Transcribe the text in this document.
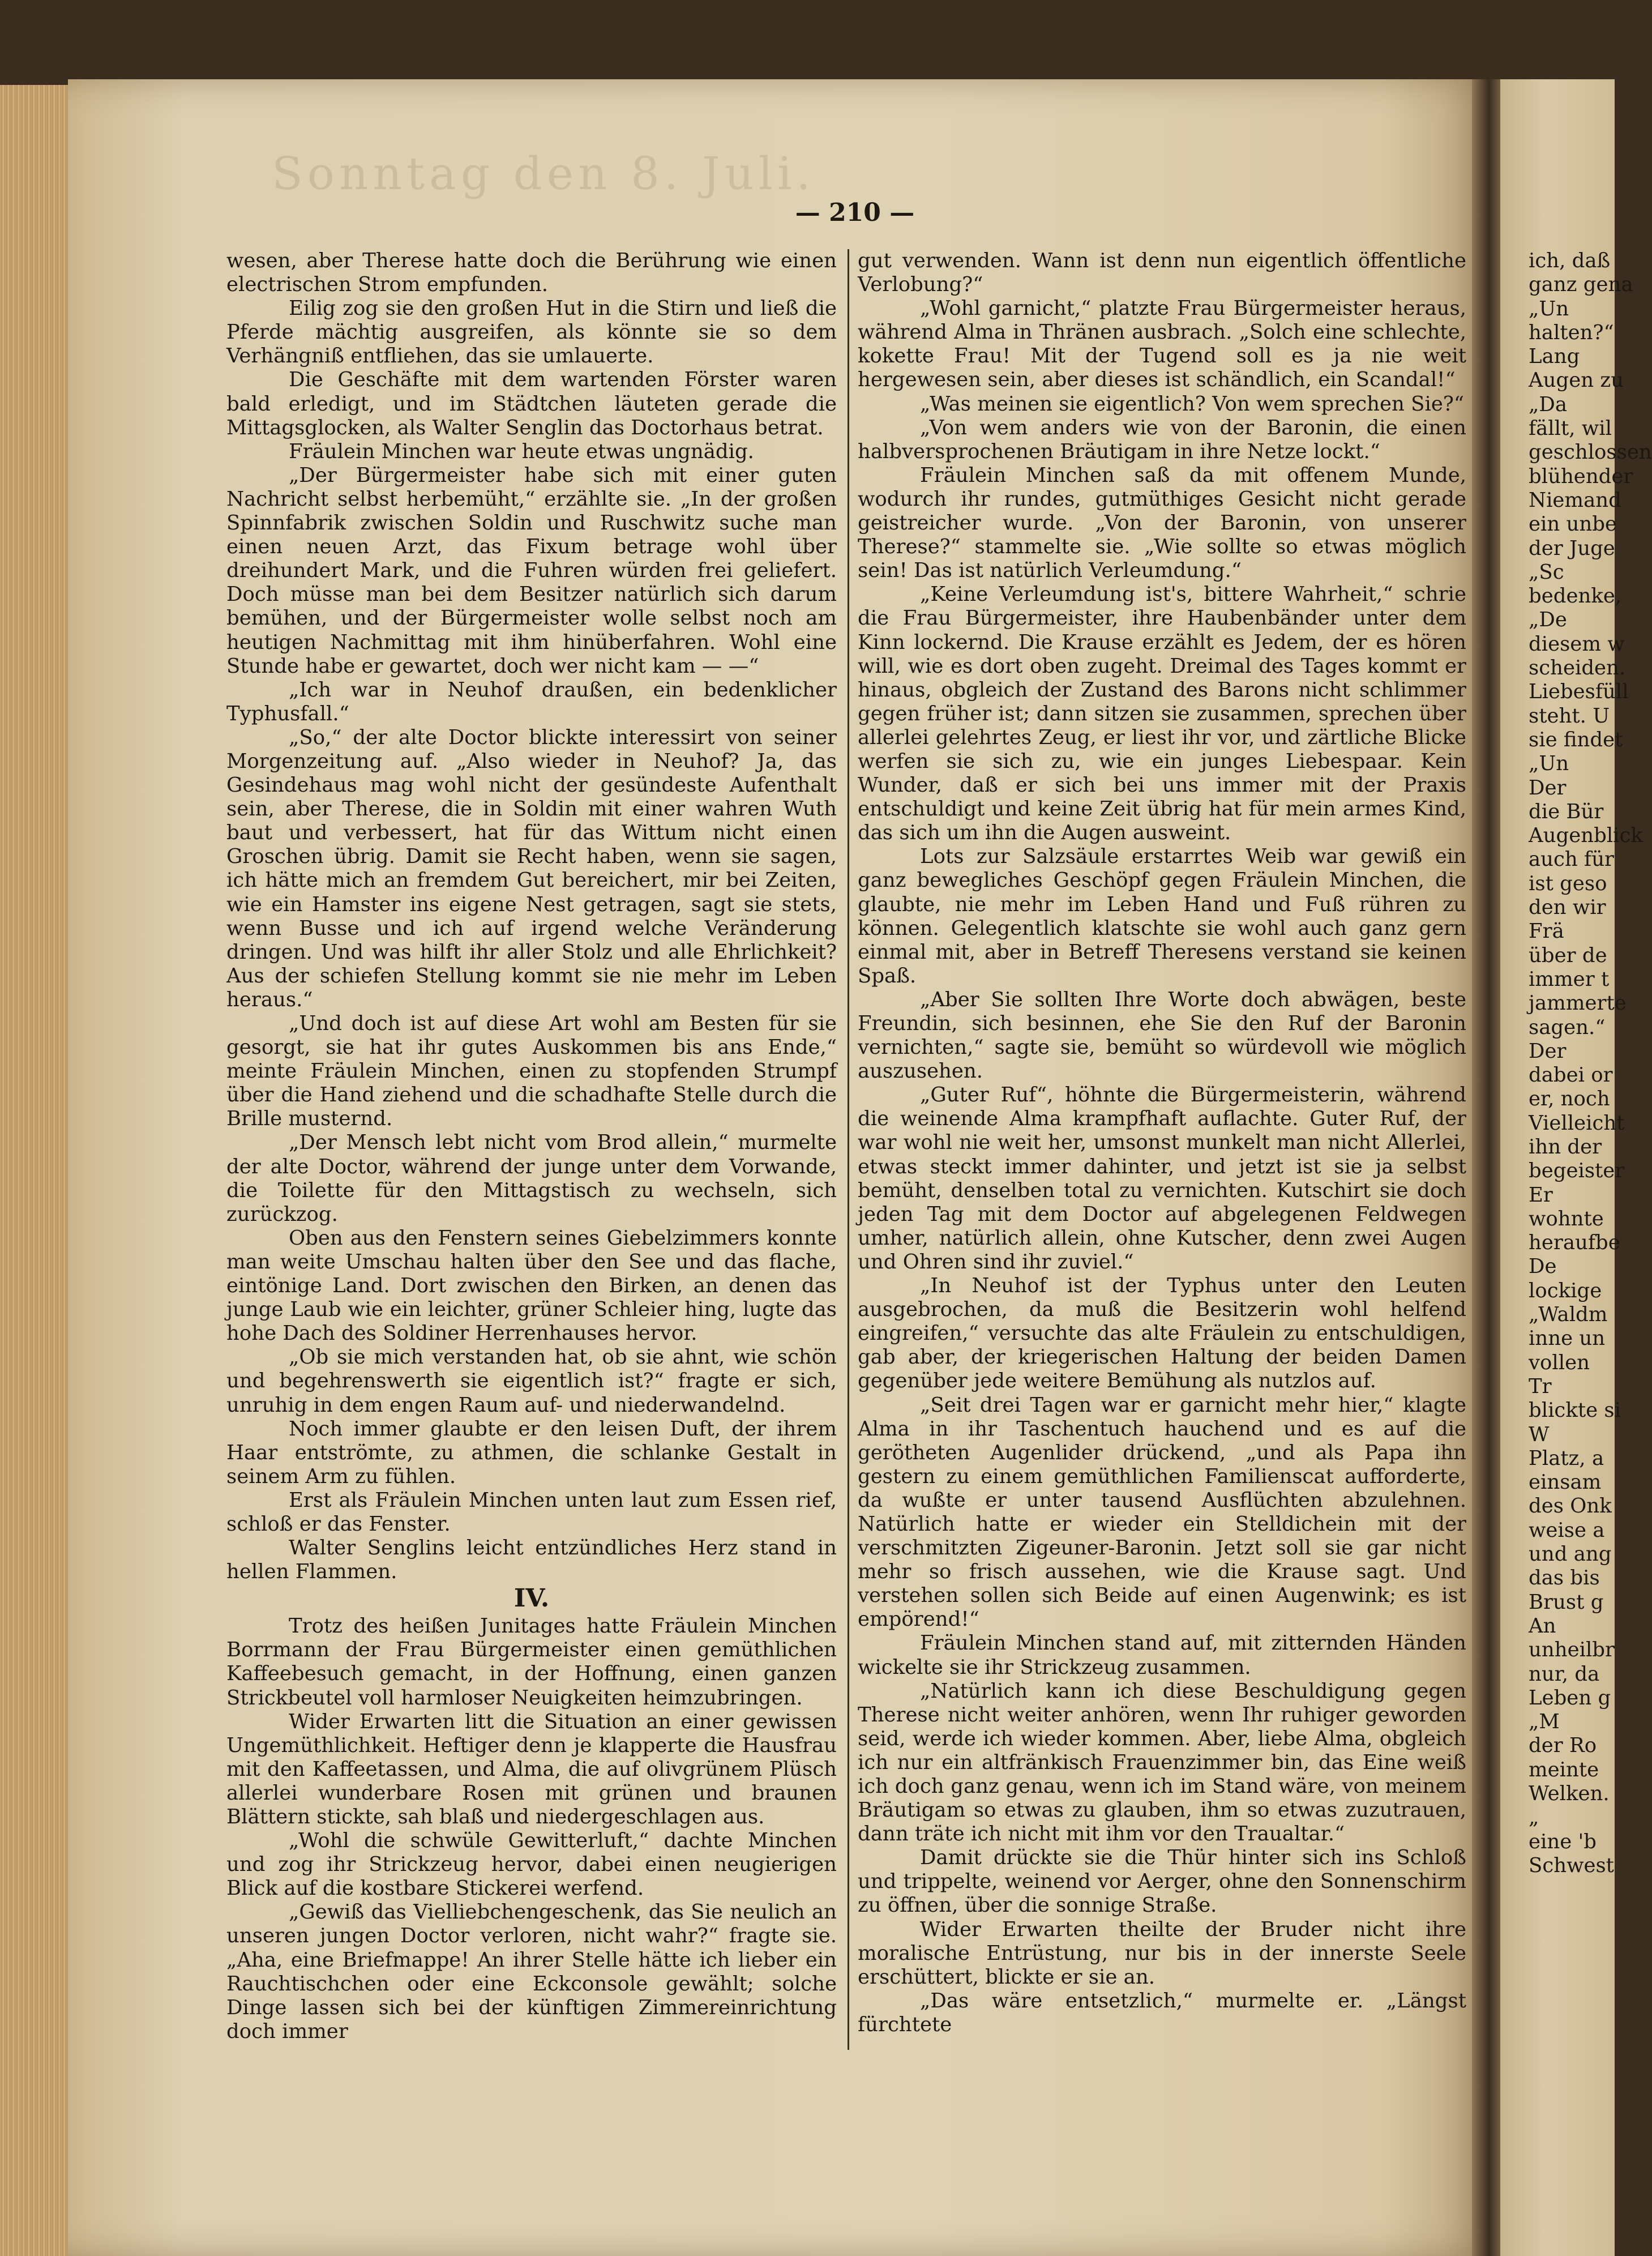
Sonntag den 8. Juli.
— 210 —

wesen, aber Therese hatte doch die Berührung wie einen electrischen Strom empfunden.

Eilig zog sie den großen Hut in die Stirn und ließ die Pferde mächtig ausgreifen, als könnte sie so dem Verhängniß entfliehen, das sie umlauerte.

Die Geschäfte mit dem wartenden Förster waren bald erledigt, und im Städtchen läuteten gerade die Mittagsglocken, als Walter Senglin das Doctorhaus betrat.

Fräulein Minchen war heute etwas ungnädig.

„Der Bürgermeister habe sich mit einer guten Nachricht selbst herbemüht,“ erzählte sie. „In der großen Spinnfabrik zwischen Soldin und Ruschwitz suche man einen neuen Arzt, das Fixum betrage wohl über dreihundert Mark, und die Fuhren würden frei geliefert. Doch müsse man bei dem Besitzer natürlich sich darum bemühen, und der Bürgermeister wolle selbst noch am heutigen Nachmittag mit ihm hinüberfahren. Wohl eine Stunde habe er gewartet, doch wer nicht kam — —“

„Ich war in Neuhof draußen, ein bedenklicher Typhusfall.“

„So,“ der alte Doctor blickte interessirt von seiner Morgenzeitung auf. „Also wieder in Neuhof? Ja, das Gesindehaus mag wohl nicht der gesündeste Aufenthalt sein, aber Therese, die in Soldin mit einer wahren Wuth baut und verbessert, hat für das Wittum nicht einen Groschen übrig. Damit sie Recht haben, wenn sie sagen, ich hätte mich an fremdem Gut bereichert, mir bei Zeiten, wie ein Hamster ins eigene Nest getragen, sagt sie stets, wenn Busse und ich auf irgend welche Veränderung dringen. Und was hilft ihr aller Stolz und alle Ehrlichkeit? Aus der schiefen Stellung kommt sie nie mehr im Leben heraus.“

„Und doch ist auf diese Art wohl am Besten für sie gesorgt, sie hat ihr gutes Auskommen bis ans Ende,“ meinte Fräulein Minchen, einen zu stopfenden Strumpf über die Hand ziehend und die schadhafte Stelle durch die Brille musternd.

„Der Mensch lebt nicht vom Brod allein,“ murmelte der alte Doctor, während der junge unter dem Vorwande, die Toilette für den Mittagstisch zu wechseln, sich zurückzog.

Oben aus den Fenstern seines Giebelzimmers konnte man weite Umschau halten über den See und das flache, eintönige Land. Dort zwischen den Birken, an denen das junge Laub wie ein leichter, grüner Schleier hing, lugte das hohe Dach des Soldiner Herrenhauses hervor.

„Ob sie mich verstanden hat, ob sie ahnt, wie schön und begehrenswerth sie eigentlich ist?“ fragte er sich, unruhig in dem engen Raum auf- und niederwandelnd.

Noch immer glaubte er den leisen Duft, der ihrem Haar entströmte, zu athmen, die schlanke Gestalt in seinem Arm zu fühlen.

Erst als Fräulein Minchen unten laut zum Essen rief, schloß er das Fenster.

Walter Senglins leicht entzündliches Herz stand in hellen Flammen.

IV.

Trotz des heißen Junitages hatte Fräulein Minchen Borrmann der Frau Bürgermeister einen gemüthlichen Kaffeebesuch gemacht, in der Hoffnung, einen ganzen Strickbeutel voll harmloser Neuigkeiten heimzubringen.

Wider Erwarten litt die Situation an einer gewissen Ungemüthlichkeit. Heftiger denn je klapperte die Hausfrau mit den Kaffeetassen, und Alma, die auf olivgrünem Plüsch allerlei wunderbare Rosen mit grünen und braunen Blättern stickte, sah blaß und niedergeschlagen aus.

„Wohl die schwüle Gewitterluft,“ dachte Minchen und zog ihr Strickzeug hervor, dabei einen neugierigen Blick auf die kostbare Stickerei werfend.

„Gewiß das Vielliebchengeschenk, das Sie neulich an unseren jungen Doctor verloren, nicht wahr?“ fragte sie. „Aha, eine Briefmappe! An ihrer Stelle hätte ich lieber ein Rauchtischchen oder eine Eckconsole gewählt; solche Dinge lassen sich bei der künftigen Zimmereinrichtung doch immer

gut verwenden. Wann ist denn nun eigentlich öffentliche Verlobung?“

„Wohl garnicht,“ platzte Frau Bürgermeister heraus, während Alma in Thränen ausbrach. „Solch eine schlechte, kokette Frau! Mit der Tugend soll es ja nie weit hergewesen sein, aber dieses ist schändlich, ein Scandal!“

„Was meinen sie eigentlich? Von wem sprechen Sie?“

„Von wem anders wie von der Baronin, die einen halbversprochenen Bräutigam in ihre Netze lockt.“

Fräulein Minchen saß da mit offenem Munde, wodurch ihr rundes, gutmüthiges Gesicht nicht gerade geistreicher wurde. „Von der Baronin, von unserer Therese?“ stammelte sie. „Wie sollte so etwas möglich sein! Das ist natürlich Verleumdung.“

„Keine Verleumdung ist's, bittere Wahrheit,“ schrie die Frau Bürgermeister, ihre Haubenbänder unter dem Kinn lockernd. Die Krause erzählt es Jedem, der es hören will, wie es dort oben zugeht. Dreimal des Tages kommt er hinaus, obgleich der Zustand des Barons nicht schlimmer gegen früher ist; dann sitzen sie zusammen, sprechen über allerlei gelehrtes Zeug, er liest ihr vor, und zärtliche Blicke werfen sie sich zu, wie ein junges Liebespaar. Kein Wunder, daß er sich bei uns immer mit der Praxis entschuldigt und keine Zeit übrig hat für mein armes Kind, das sich um ihn die Augen ausweint.

Lots zur Salzsäule erstarrtes Weib war gewiß ein ganz bewegliches Geschöpf gegen Fräulein Minchen, die glaubte, nie mehr im Leben Hand und Fuß rühren zu können. Gelegentlich klatschte sie wohl auch ganz gern einmal mit, aber in Betreff Theresens verstand sie keinen Spaß.

„Aber Sie sollten Ihre Worte doch abwägen, beste Freundin, sich besinnen, ehe Sie den Ruf der Baronin vernichten,“ sagte sie, bemüht so würdevoll wie möglich auszusehen.

„Guter Ruf“, höhnte die Bürgermeisterin, während die weinende Alma krampfhaft auflachte. Guter Ruf, der war wohl nie weit her, umsonst munkelt man nicht Allerlei, etwas steckt immer dahinter, und jetzt ist sie ja selbst bemüht, denselben total zu vernichten. Kutschirt sie doch jeden Tag mit dem Doctor auf abgelegenen Feldwegen umher, natürlich allein, ohne Kutscher, denn zwei Augen und Ohren sind ihr zuviel.“

„In Neuhof ist der Typhus unter den Leuten ausgebrochen, da muß die Besitzerin wohl helfend eingreifen,“ versuchte das alte Fräulein zu entschuldigen, gab aber, der kriegerischen Haltung der beiden Damen gegenüber jede weitere Bemühung als nutzlos auf.

„Seit drei Tagen war er garnicht mehr hier,“ klagte Alma in ihr Taschentuch hauchend und es auf die gerötheten Augenlider drückend, „und als Papa ihn gestern zu einem gemüthlichen Familienscat aufforderte, da wußte er unter tausend Ausflüchten abzulehnen. Natürlich hatte er wieder ein Stelldichein mit der verschmitzten Zigeuner-Baronin. Jetzt soll sie gar nicht mehr so frisch aussehen, wie die Krause sagt. Und verstehen sollen sich Beide auf einen Augenwink; es ist empörend!“

Fräulein Minchen stand auf, mit zitternden Händen wickelte sie ihr Strickzeug zusammen.

„Natürlich kann ich diese Beschuldigung gegen Therese nicht weiter anhören, wenn Ihr ruhiger geworden seid, werde ich wieder kommen. Aber, liebe Alma, obgleich ich nur ein altfränkisch Frauenzimmer bin, das Eine weiß ich doch ganz genau, wenn ich im Stand wäre, von meinem Bräutigam so etwas zu glauben, ihm so etwas zuzutrauen, dann träte ich nicht mit ihm vor den Traualtar.“

Damit drückte sie die Thür hinter sich ins Schloß und trippelte, weinend vor Aerger, ohne den Sonnenschirm zu öffnen, über die sonnige Straße.

Wider Erwarten theilte der Bruder nicht ihre moralische Entrüstung, nur bis in der innerste Seele erschüttert, blickte er sie an.

„Das wäre entsetzlich,“ murmelte er. „Längst fürchtete

ich, daß

ganz gena

„Un

halten?“

Lang

Augen zu

„Da

fällt, wil

geschlossen

blühender

Niemand

ein unbe

der Juge

„Sc

bedenke,

„De

diesem w

scheiden.

Liebesfüll

steht. U

sie findet

„Un

Der

die Bür

Augenblick

auch für

ist geso

den wir

Frä

über de

immer t

jammerte

sagen.“

Der

dabei or

er, noch

Vielleicht

ihn der

begeister

Er

wohnte

heraufbe

De

lockige

„Waldm

inne un

vollen

Tr

blickte si

W

Platz, a

einsam

des Onk

weise a

und ang

das bis

Brust g

An

unheilbr

nur, da

Leben g

„M

der Ro

meinte

Welken.

„

eine 'b

Schwest
